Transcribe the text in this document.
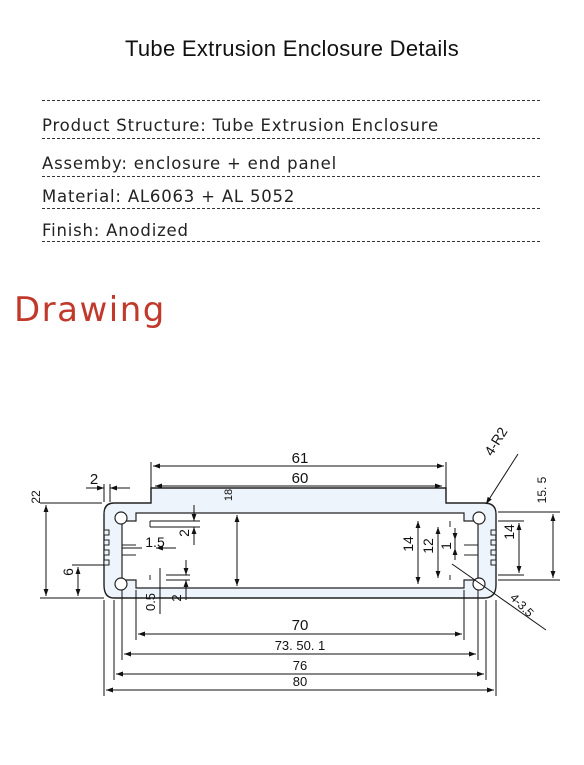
Tube Extrusion Enclosure Details
Product Structure: Tube Extrusion Enclosure
Assemby: enclosure + end panel
Material: AL6063 + AL 5052
Finish: Anodized
Drawing
61
60
2
22	18	15. 5
4-R2
1.5
2
6
0.5 2
14 12 1
14
4-3.5
70
73. 50. 1
76
80
